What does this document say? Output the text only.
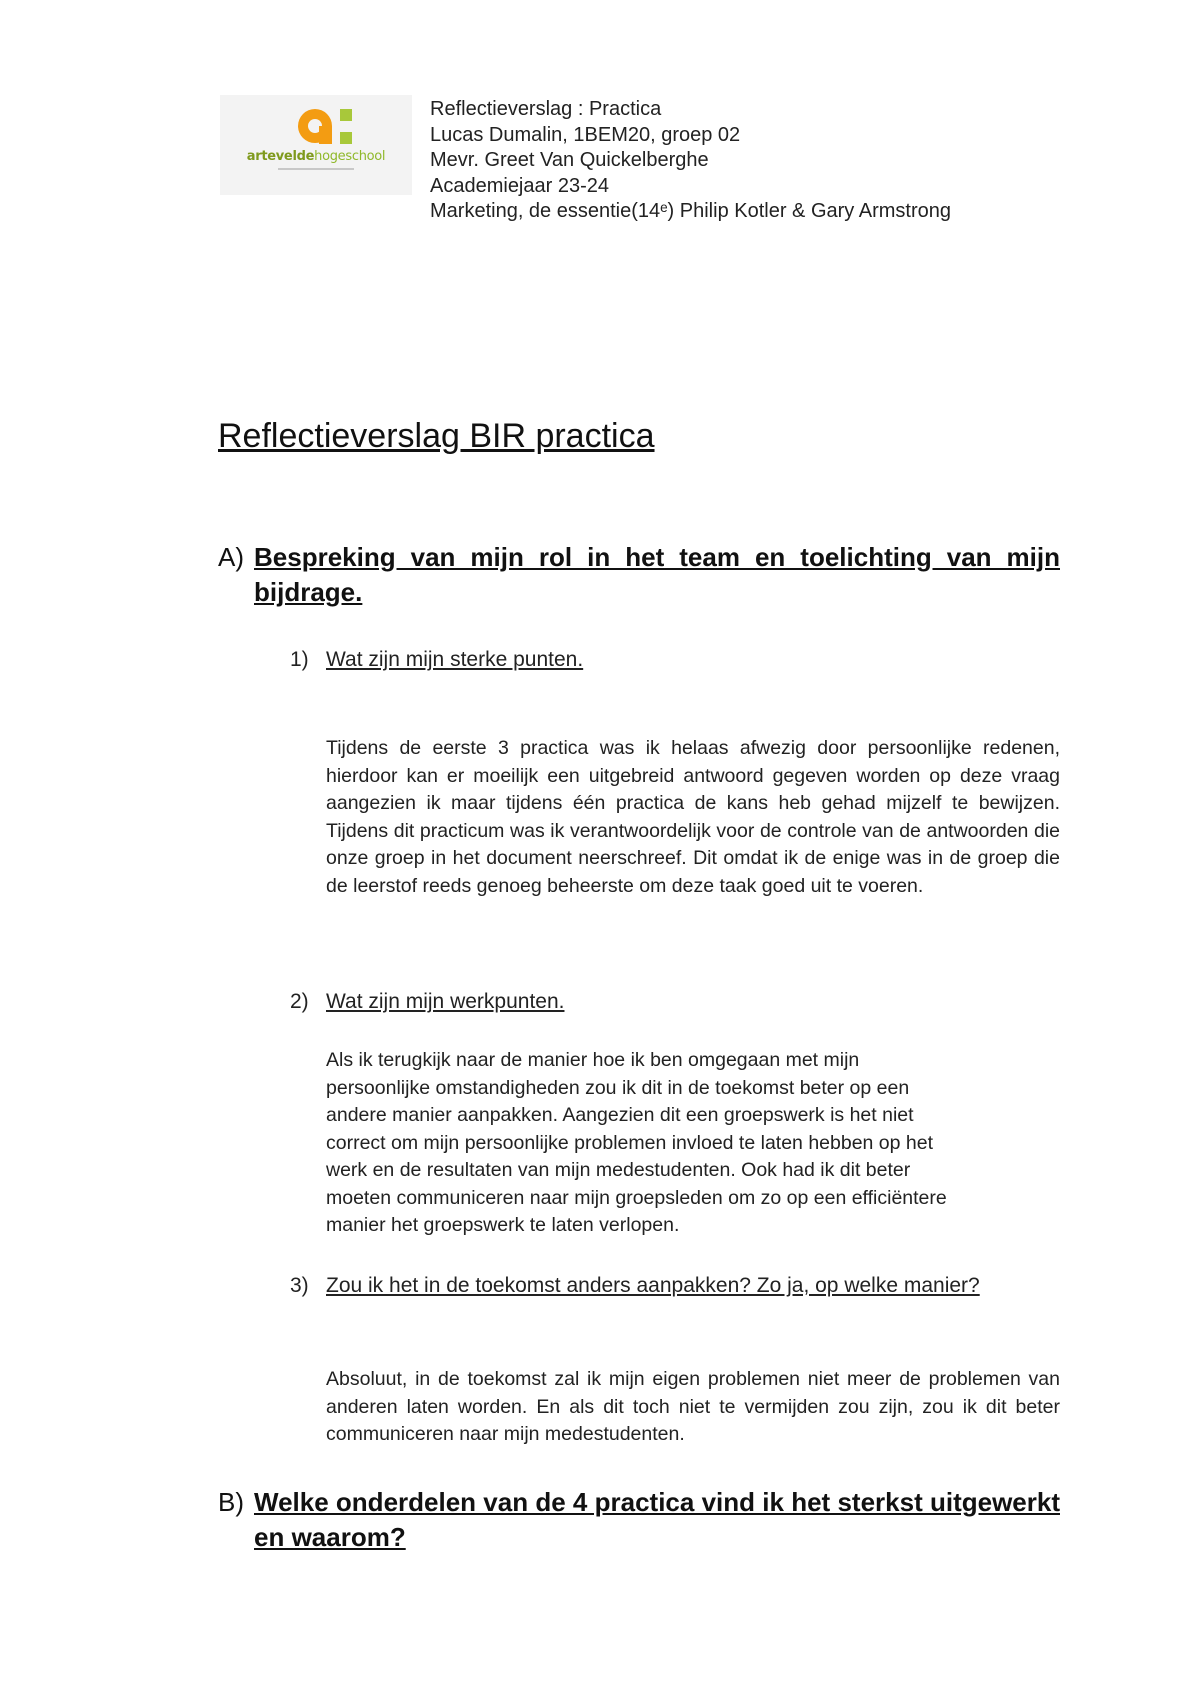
arteveldehogeschool
Reflectieverslag : Practica
Lucas Dumalin, 1BEM20, groep 02
Mevr. Greet Van Quickelberghe
Academiejaar 23-24
Marketing, de essentie(14ᵉ) Philip Kotler & Gary Armstrong
Reflectieverslag BIR practica
A) Bespreking van mijn rol in het team en toelichting van mijn bijdrage.
1) Wat zijn mijn sterke punten.

Tijdens de eerste 3 practica was ik helaas afwezig door persoonlijke redenen, hierdoor kan er moeilijk een uitgebreid antwoord gegeven worden op deze vraag aangezien ik maar tijdens één practica de kans heb gehad mijzelf te bewijzen. Tijdens dit practicum was ik verantwoordelijk voor de controle van de antwoorden die onze groep in het document neerschreef. Dit omdat ik de enige was in de groep die de leerstof reeds genoeg beheerste om deze taak goed uit te voeren.

2) Wat zijn mijn werkpunten.

Als ik terugkijk naar de manier hoe ik ben omgegaan met mijn
persoonlijke omstandigheden zou ik dit in de toekomst beter op een
andere manier aanpakken. Aangezien dit een groepswerk is het niet
correct om mijn persoonlijke problemen invloed te laten hebben op het
werk en de resultaten van mijn medestudenten. Ook had ik dit beter
moeten communiceren naar mijn groepsleden om zo op een efficiëntere
manier het groepswerk te laten verlopen.

3) Zou ik het in de toekomst anders aanpakken? Zo ja, op welke manier?

Absoluut, in de toekomst zal ik mijn eigen problemen niet meer de problemen van anderen laten worden. En als dit toch niet te vermijden zou zijn, zou ik dit beter communiceren naar mijn medestudenten.

B) Welke onderdelen van de 4 practica vind ik het sterkst uitgewerkt en waarom?
